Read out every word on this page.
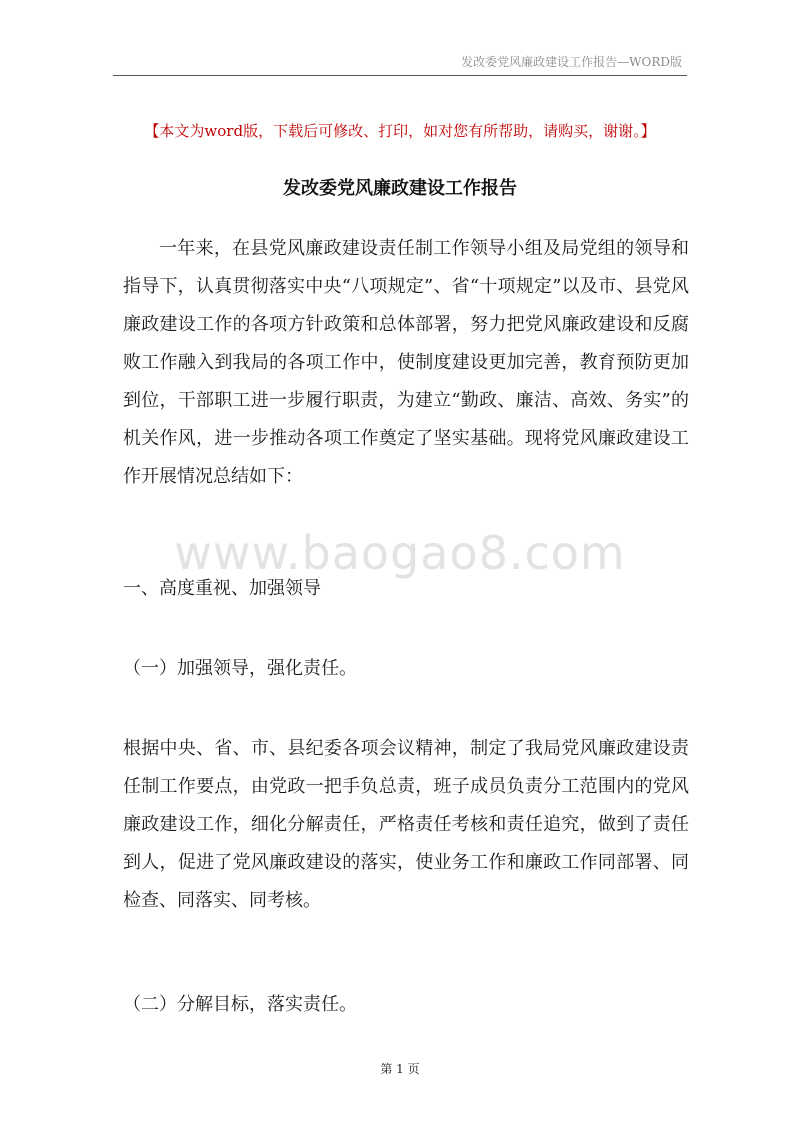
发改委党风廉政建设工作报告—WORD版
【本文为word版，下载后可修改、打印，如对您有所帮助，请购买，谢谢。】
发改委党风廉政建设工作报告

一年来，在县党风廉政建设责任制工作领导小组及局党组的领导和指导下，认真贯彻落实中央“八项规定”、省“十项规定”以及市、县党风廉政建设工作的各项方针政策和总体部署，努力把党风廉政建设和反腐败工作融入到我局的各项工作中，使制度建设更加完善，教育预防更加到位，干部职工进一步履行职责，为建立“勤政、廉洁、高效、务实”的机关作风，进一步推动各项工作奠定了坚实基础。现将党风廉政建设工作开展情况总结如下：

www.baogao8.com
一、高度重视、加强领导
（一）加强领导，强化责任。

根据中央、省、市、县纪委各项会议精神，制定了我局党风廉政建设责任制工作要点，由党政一把手负总责，班子成员负责分工范围内的党风廉政建设工作，细化分解责任，严格责任考核和责任追究，做到了责任到人，促进了党风廉政建设的落实，使业务工作和廉政工作同部署、同检查、同落实、同考核。

（二）分解目标，落实责任。
第 1 页
